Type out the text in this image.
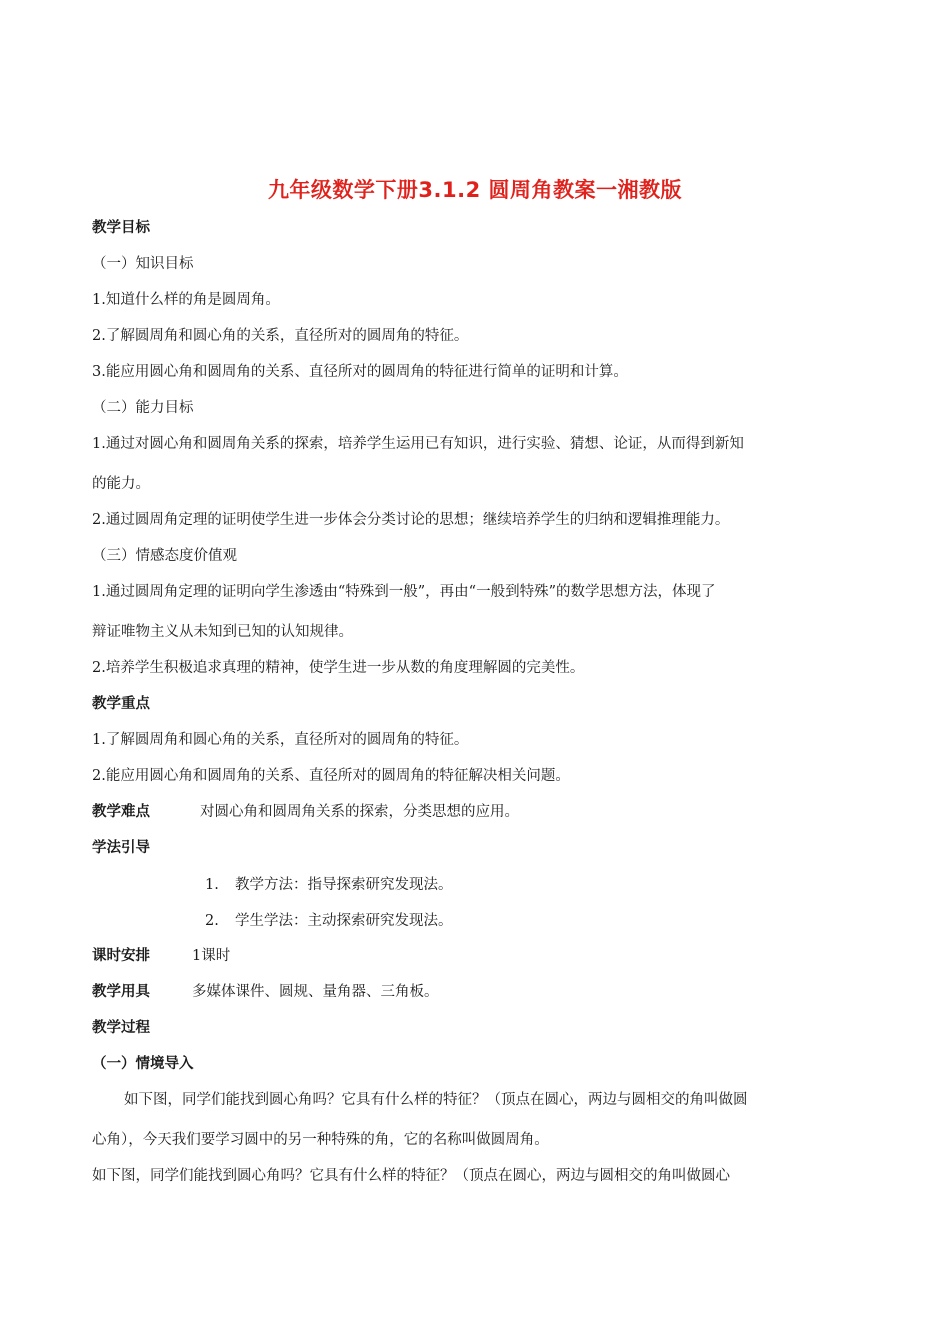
九年级数学下册3.1.2 圆周角教案一湘教版
教学目标
（一）知识目标
1.知道什么样的角是圆周角。
2.了解圆周角和圆心角的关系，直径所对的圆周角的特征。
3.能应用圆心角和圆周角的关系、直径所对的圆周角的特征进行简单的证明和计算。
（二）能力目标
1.通过对圆心角和圆周角关系的探索，培养学生运用已有知识，进行实验、猜想、论证，从而得到新知
的能力。
2.通过圆周角定理的证明使学生进一步体会分类讨论的思想；继续培养学生的归纳和逻辑推理能力。
（三）情感态度价值观
1.通过圆周角定理的证明向学生渗透由“特殊到一般”，再由“一般到特殊”的数学思想方法，体现了
辩证唯物主义从未知到已知的认知规律。
2.培养学生积极追求真理的精神，使学生进一步从数的角度理解圆的完美性。
教学重点
1.了解圆周角和圆心角的关系，直径所对的圆周角的特征。
2.能应用圆心角和圆周角的关系、直径所对的圆周角的特征解决相关问题。
教学难点	对圆心角和圆周角关系的探索，分类思想的应用。
学法引导
1. 教学方法：指导探索研究发现法。
2. 学生学法：主动探索研究发现法。
课时安排	1课时
教学用具	多媒体课件、圆规、量角器、三角板。
教学过程
（一）情境导入
如下图，同学们能找到圆心角吗？它具有什么样的特征？（顶点在圆心，两边与圆相交的角叫做圆
心角），今天我们要学习圆中的另一种特殊的角，它的名称叫做圆周角。
如下图，同学们能找到圆心角吗？它具有什么样的特征？（顶点在圆心，两边与圆相交的角叫做圆心
